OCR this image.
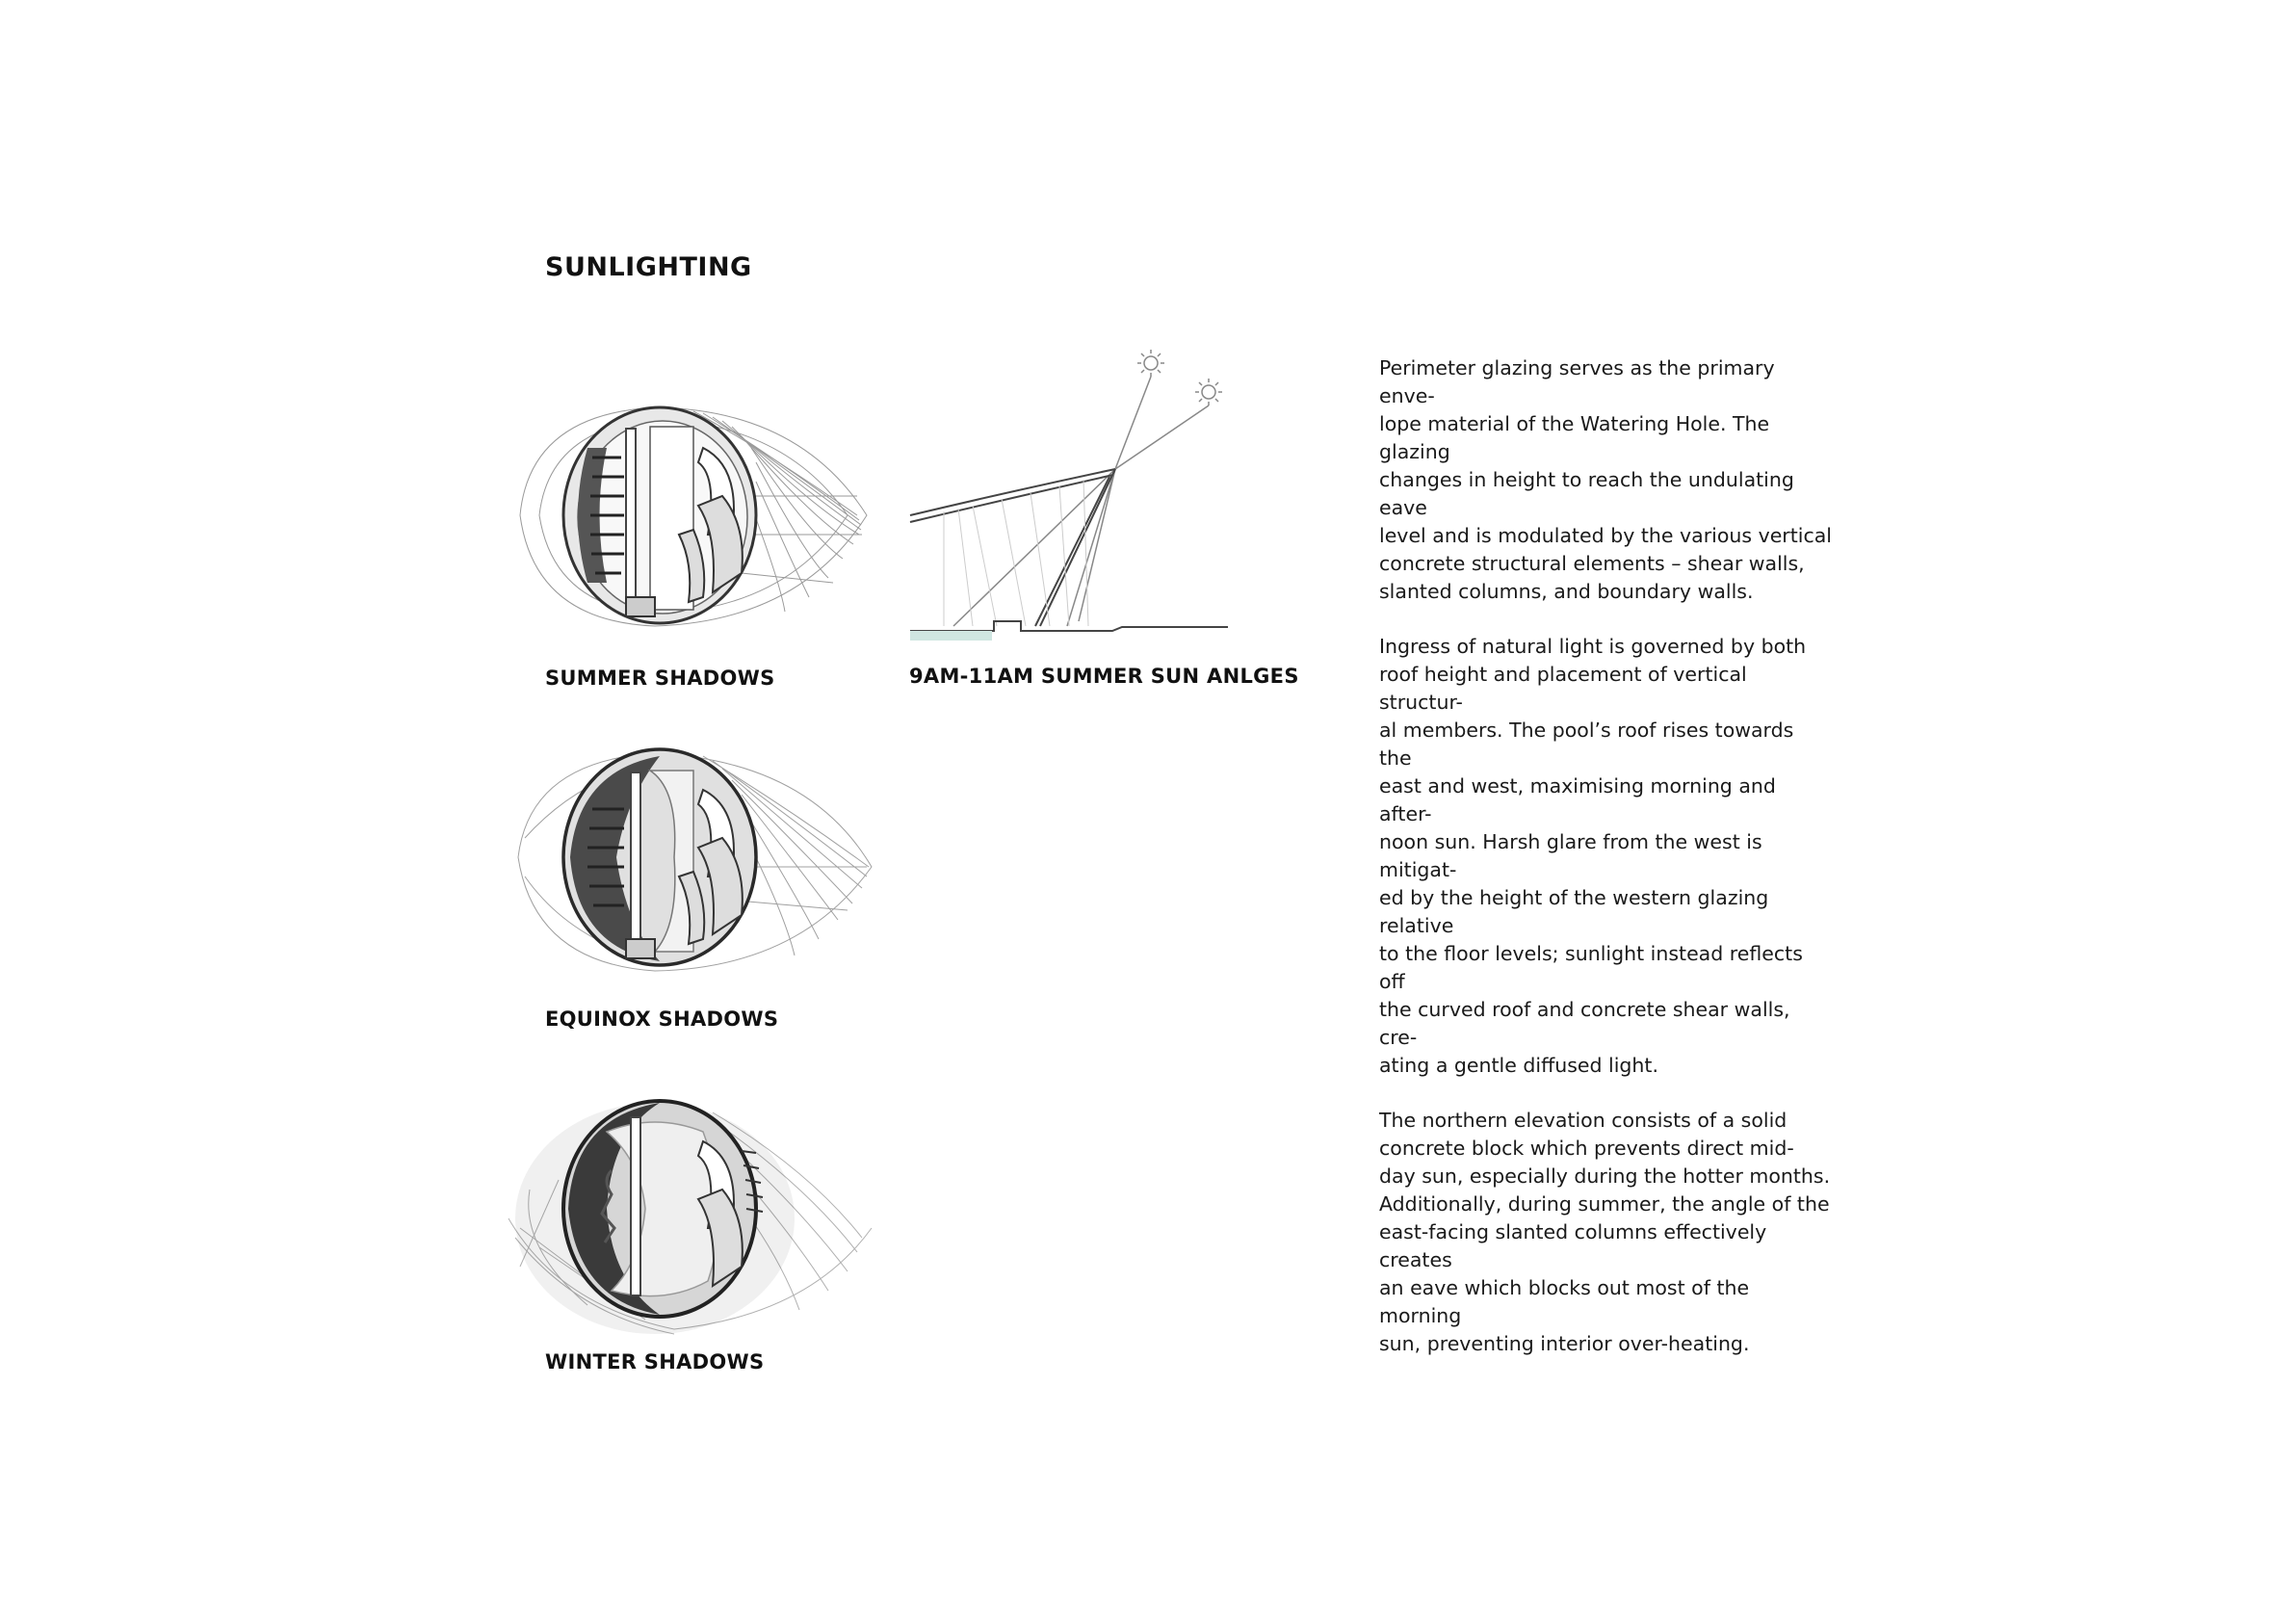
SUNLIGHTING

SUMMER SHADOWS	9AM-11AM SUMMER SUN ANLGES

EQUINOX SHADOWS

WINTER SHADOWS

Perimeter glazing serves as the primary enve-
lope material of the Watering Hole. The glazing
changes in height to reach the undulating eave
level and is modulated by the various vertical
concrete structural elements – shear walls,
slanted columns, and boundary walls.

Ingress of natural light is governed by both
roof height and placement of vertical structur-
al members. The pool’s roof rises towards the
east and west, maximising morning and after-
noon sun. Harsh glare from the west is mitigat-
ed by the height of the western glazing relative
to the floor levels; sunlight instead reflects off
the curved roof and concrete shear walls, cre-
ating a gentle diffused light.

The northern elevation consists of a solid
concrete block which prevents direct mid-
day sun, especially during the hotter months.
Additionally, during summer, the angle of the
east-facing slanted columns effectively creates
an eave which blocks out most of the morning
sun, preventing interior over-heating.
